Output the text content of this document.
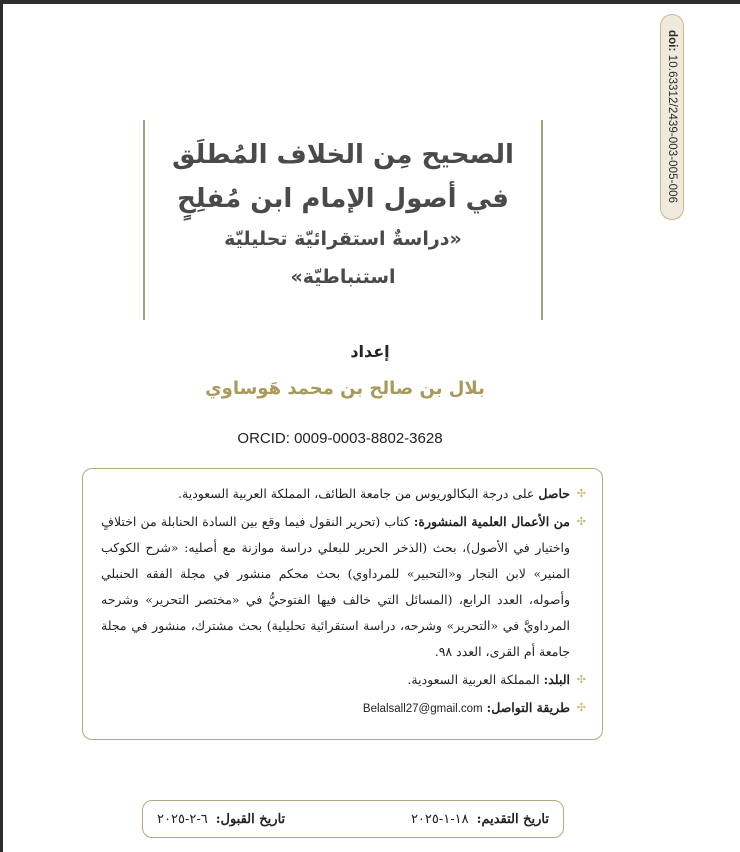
doi: 10.63312/2439-003-005-006
الصحيح مِن الخلاف المُطلَق
في أصول الإمام ابن مُفلِحٍ
«دراسةٌ استقرائيّة تحليليّة استنباطيّة»
إعداد
بلال بن صالح بن محمد هَوساوي
ORCID: 0009-0003-8802-3628
✣
حاصل على درجة البكالوريوس من جامعة الطائف، المملكة العربية السعودية.
✣
من الأعمال العلمية المنشورة: كتاب (تحرير النقول فيما وقع بين السادة الحنابلة من اختلافٍ واختيار في الأصول)، بحث (الذخر الحرير للبعلي دراسة موازنة مع أصليه: «شرح الكوكب المنير» لابن النجار و«التحبير» للمرداوي) بحث محكم منشور في مجلة الفقه الحنبلي وأصوله، العدد الرابع، (المسائل التي خالف فيها الفتوحيُّ في «مختصر التحرير» وشرحه المرداويَّ في «التحرير» وشرحه، دراسة استقرائية تحليلية) بحث مشترك، منشور في مجلة جامعة أم القرى، العدد ٩٨.
✣
البلد: المملكة العربية السعودية.
✣
طريقة التواصل: Belalsall27@gmail.com
تاريخ التقديم:١٨-١-٢٠٢٥
تاريخ القبول:٦-٢-٢٠٢٥
